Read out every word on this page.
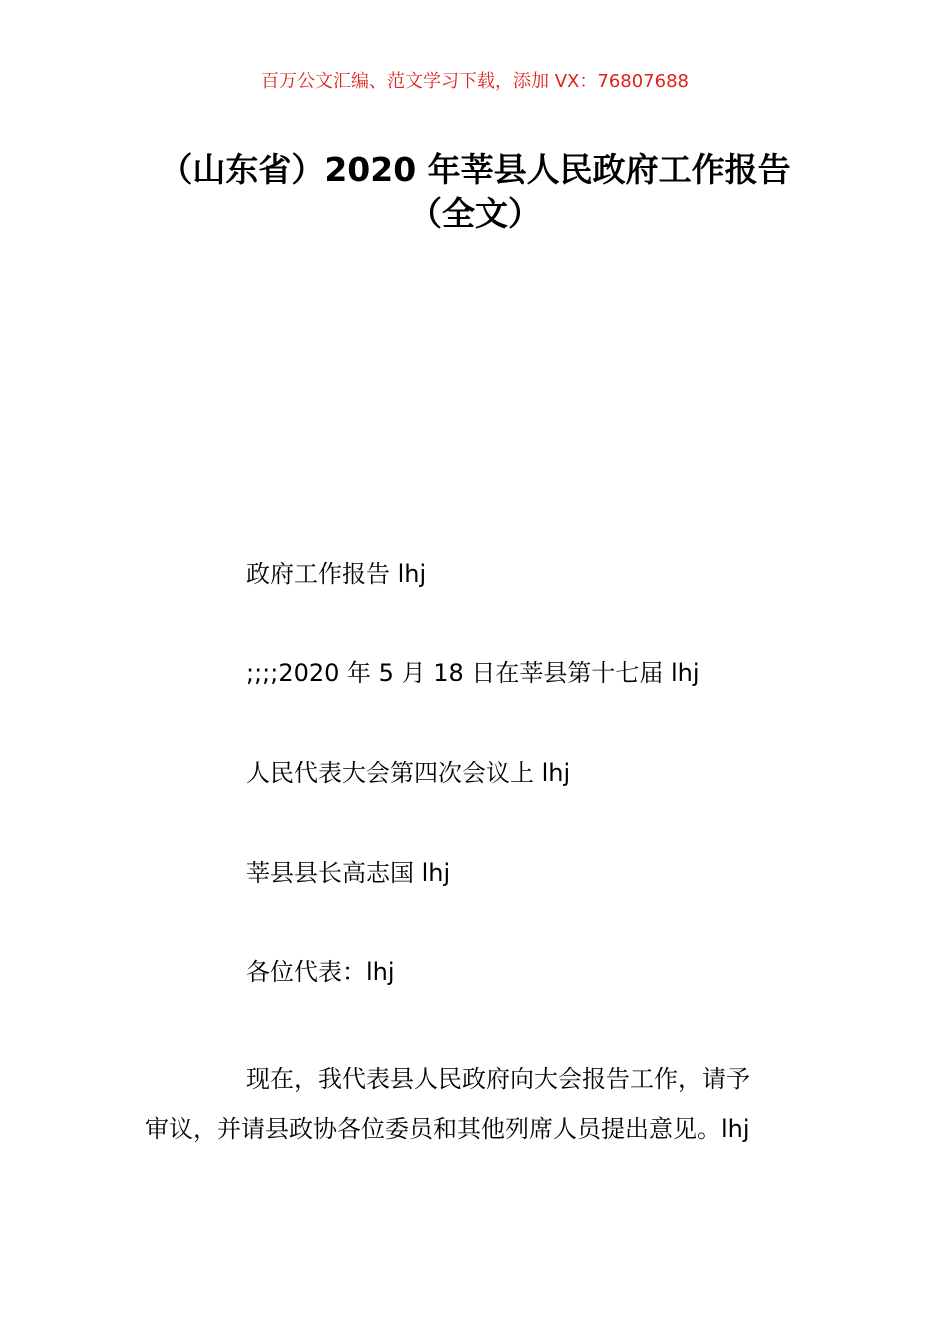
百万公文汇编、范文学习下载，添加 VX：76807688
（山东省）2020 年莘县人民政府工作报告
（全文）
政府工作报告 lhj
;;;;2020 年 5 月 18 日在莘县第十七届 lhj
人民代表大会第四次会议上 lhj
莘县县长高志国 lhj
各位代表：lhj
现在，我代表县人民政府向大会报告工作，请予
审议，并请县政协各位委员和其他列席人员提出意见。lhj
